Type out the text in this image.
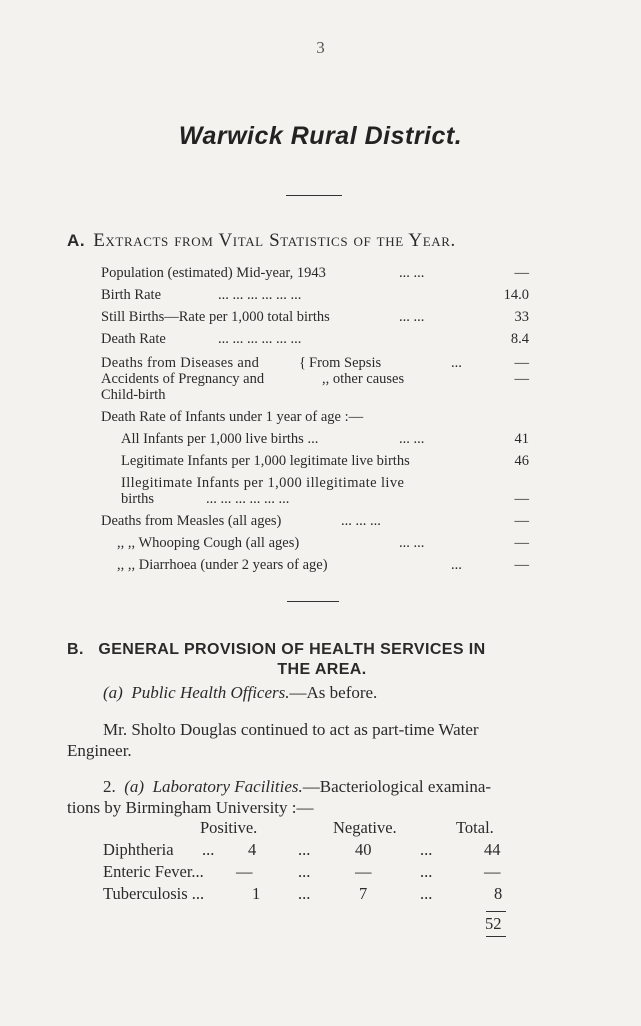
3
Warwick Rural District.
A. Extracts from Vital Statistics of the Year.
Population (estimated) Mid-year, 1943	... ...	—
Birth Rate	... ... ... ... ... ...	14.0
Still Births—Rate per 1,000 total births	... ...	33
Death Rate	... ... ... ... ... ...	8.4
Deaths from Diseases and	{ From Sepsis	...	—
Accidents of Pregnancy and	,, other causes	—
Child-birth
Death Rate of Infants under 1 year of age :—
All Infants per 1,000 live births ...	... ...	41
Legitimate Infants per 1,000 legitimate live births	46
Illegitimate Infants per 1,000 illegitimate live
births	... ... ... ... ... ...	—
Deaths from Measles (all ages)	... ... ...	—
,, ,, Whooping Cough (all ages)	... ...	—
,, ,, Diarrhoea (under 2 years of age)	...	—
B. GENERAL PROVISION OF HEALTH SERVICES IN
THE AREA.
(a) Public Health Officers.—As before.
Mr. Sholto Douglas continued to act as part-time Water
Engineer.
2. (a) Laboratory Facilities.—Bacteriological examina-
tions by Birmingham University :—
Positive.	Negative.	Total.
Diphtheria ... 4	...	40	...	44
Enteric Fever... —	...	—	...	—
Tuberculosis ...	1 ...	7	...	8
52
